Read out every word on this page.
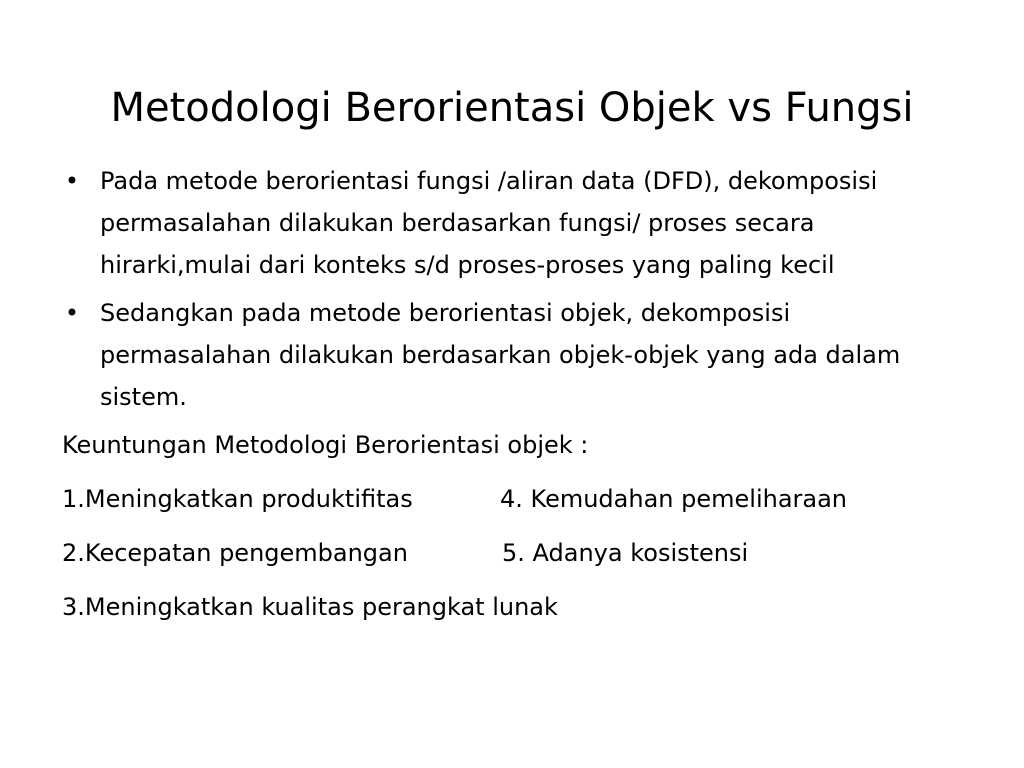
Metodologi Berorientasi Objek vs Fungsi
• Pada metode berorientasi fungsi /aliran data (DFD), dekomposisi permasalahan dilakukan berdasarkan fungsi/ proses secara hirarki,mulai dari konteks s/d proses-proses yang paling kecil
• Sedangkan pada metode berorientasi objek, dekomposisi permasalahan dilakukan berdasarkan objek-objek yang ada dalam sistem.
Keuntungan Metodologi Berorientasi objek :
1.Meningkatkan produktifitas	4. Kemudahan pemeliharaan
2.Kecepatan pengembangan	5. Adanya kosistensi
3.Meningkatkan kualitas perangkat lunak
